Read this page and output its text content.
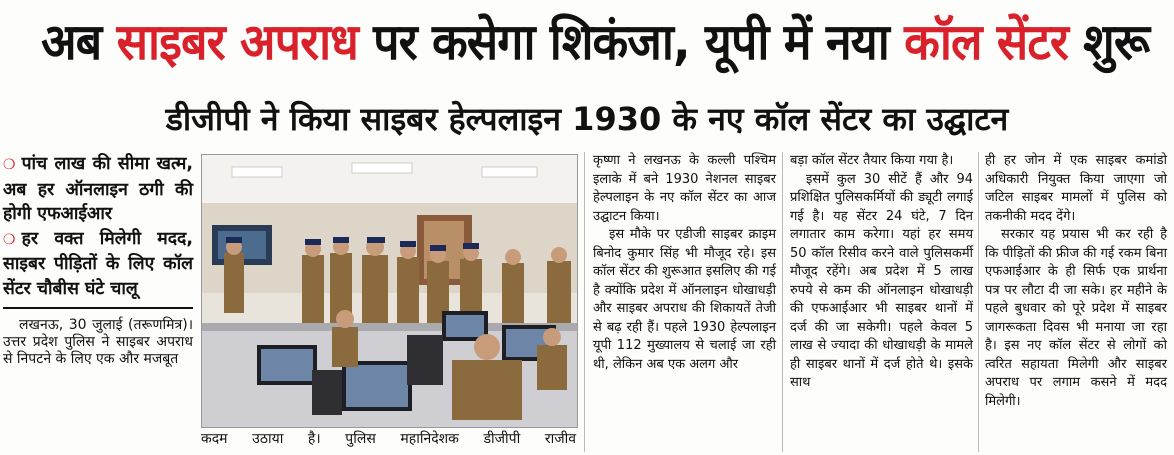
अब साइबर अपराध पर कसेगा शिकंजा, यूपी में नया कॉल सेंटर शुरू
डीजीपी ने किया साइबर हेल्पलाइन 1930 के नए कॉल सेंटर का उद्घाटन

❍ पांच लाख की सीमा खत्म, अब हर ऑनलाइन ठगी की होगी एफआईआर

❍ हर वक्त मिलेगी मदद, साइबर पीड़ितों के लिए कॉल सेंटर चौबीस घंटे चालू

लखनऊ, 30 जुलाई (तरूणमित्र)। उत्तर प्रदेश पुलिस ने साइबर अपराध से निपटने के लिए एक और मजबूत

कदम उठाया है। पुलिस महानिदेशक डीजीपी राजीव

कृष्णा ने लखनऊ के कल्ली पश्चिम इलाके में बने 1930 नेशनल साइबर हेल्पलाइन के नए कॉल सेंटर का आज उद्घाटन किया।

इस मौके पर एडीजी साइबर क्राइम बिनोद कुमार सिंह भी मौजूद रहे। इस कॉल सेंटर की शुरूआत इसलिए की गई है क्योंकि प्रदेश में ऑनलाइन धोखाधड़ी और साइबर अपराध की शिकायतें तेजी से बढ़ रही हैं। पहले 1930 हेल्पलाइन यूपी 112 मुख्यालय से चलाई जा रही थी, लेकिन अब एक अलग और

बड़ा कॉल सेंटर तैयार किया गया है।

इसमें कुल 30 सीटें हैं और 94 प्रशिक्षित पुलिसकर्मियों की ड्यूटी लगाई गई है। यह सेंटर 24 घंटे, 7 दिन लगातार काम करेगा। यहां हर समय 50 कॉल रिसीव करने वाले पुलिसकर्मी मौजूद रहेंगे। अब प्रदेश में 5 लाख रुपये से कम की ऑनलाइन धोखाधड़ी की एफआईआर भी साइबर थानों में दर्ज की जा सकेगी। पहले केवल 5 लाख से ज्यादा की धोखाधड़ी के मामले ही साइबर थानों में दर्ज होते थे। इसके साथ

ही हर जोन में एक साइबर कमांडो अधिकारी नियुक्त किया जाएगा जो जटिल साइबर मामलों में पुलिस को तकनीकी मदद देंगे।

सरकार यह प्रयास भी कर रही है कि पीड़ितों की फ्रीज की गई रकम बिना एफआईआर के ही सिर्फ एक प्रार्थना पत्र पर लौटा दी जा सके। हर महीने के पहले बुधवार को पूरे प्रदेश में साइबर जागरूकता दिवस भी मनाया जा रहा है। इस नए कॉल सेंटर से लोगों को त्वरित सहायता मिलेगी और साइबर अपराध पर लगाम कसने में मदद मिलेगी।
